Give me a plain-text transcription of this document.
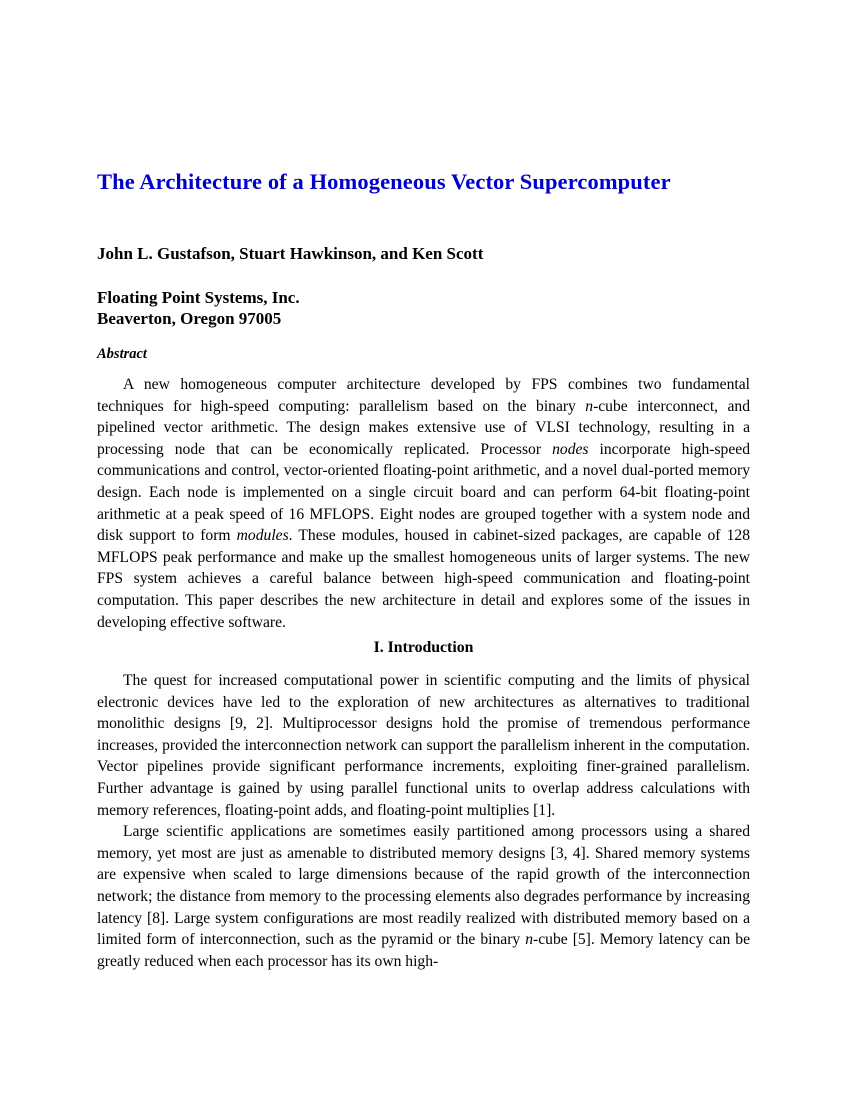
The Architecture of a Homogeneous Vector Supercomputer
John L. Gustafson, Stuart Hawkinson, and Ken Scott
Floating Point Systems, Inc.
Beaverton, Oregon 97005
Abstract
A new homogeneous computer architecture developed by FPS combines two fundamental techniques for high-speed computing: parallelism based on the binary n-cube interconnect, and pipelined vector arithmetic. The design makes extensive use of VLSI technology, resulting in a processing node that can be economically replicated. Processor nodes incorporate high-speed communications and control, vector-oriented floating-point arithmetic, and a novel dual-ported memory design. Each node is implemented on a single circuit board and can perform 64-bit floating-point arithmetic at a peak speed of 16 MFLOPS. Eight nodes are grouped together with a system node and disk support to form modules. These modules, housed in cabinet-sized packages, are capable of 128 MFLOPS peak performance and make up the smallest homogeneous units of larger systems. The new FPS system achieves a careful balance between high-speed communication and floating-point computation. This paper describes the new architecture in detail and explores some of the issues in developing effective software.
I. Introduction

The quest for increased computational power in scientific computing and the limits of physical electronic devices have led to the exploration of new architectures as alternatives to traditional monolithic designs [9, 2]. Multiprocessor designs hold the promise of tremendous performance increases, provided the interconnection network can support the parallelism inherent in the computation. Vector pipelines provide significant performance increments, exploiting finer-grained parallelism. Further advantage is gained by using parallel functional units to overlap address calculations with memory references, floating-point adds, and floating-point multiplies [1].

Large scientific applications are sometimes easily partitioned among processors using a shared memory, yet most are just as amenable to distributed memory designs [3, 4]. Shared memory systems are expensive when scaled to large dimensions because of the rapid growth of the interconnection network; the distance from memory to the processing elements also degrades performance by increasing latency [8]. Large system configurations are most readily realized with distributed memory based on a limited form of interconnection, such as the pyramid or the binary n-cube [5]. Memory latency can be greatly reduced when each processor has its own high-
